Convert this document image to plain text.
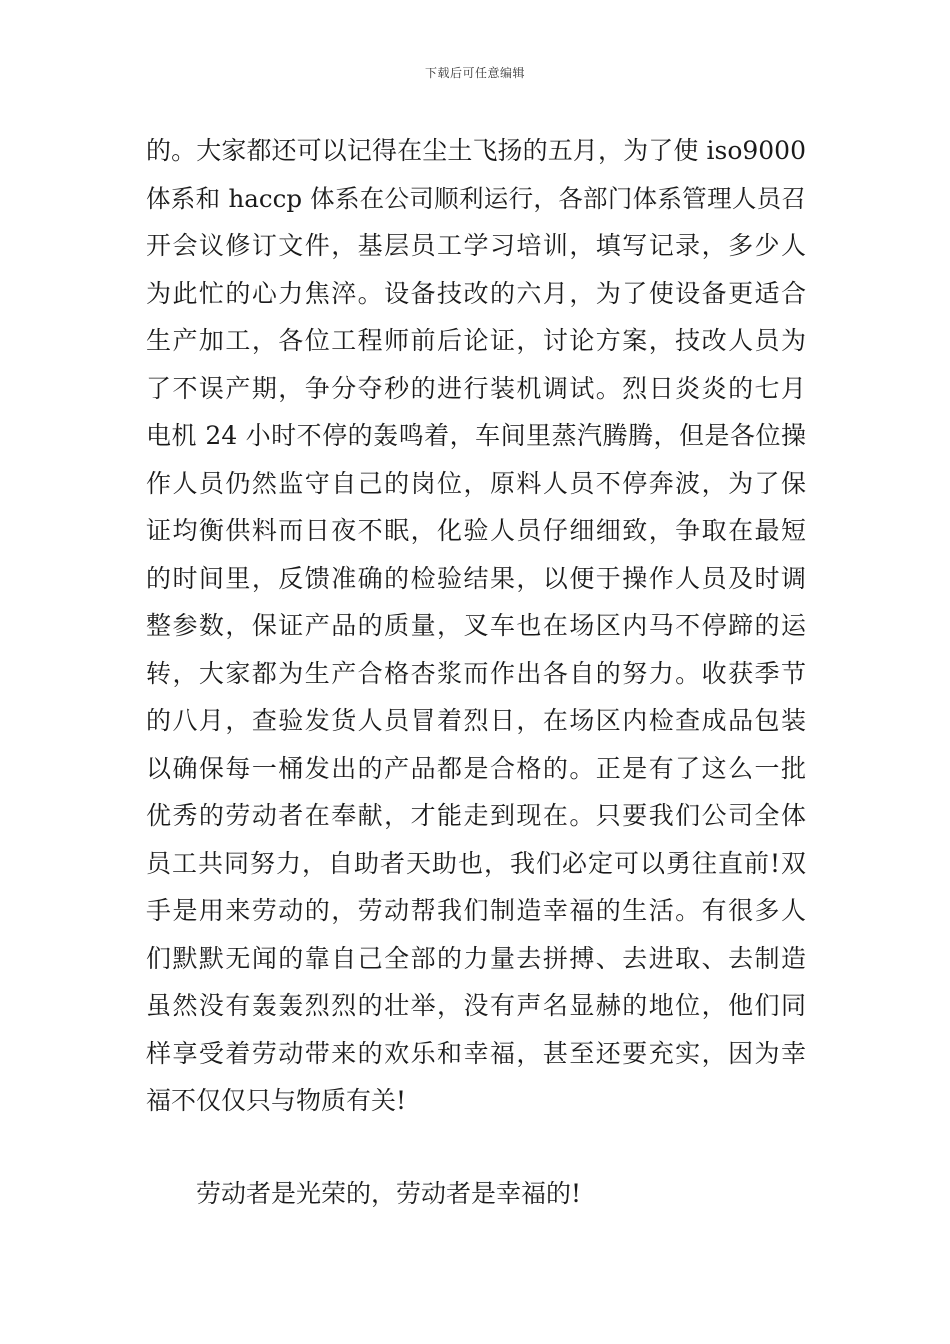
下载后可任意编辑
的。大家都还可以记得在尘土飞扬的五月，为了使 iso9000
体系和 haccp 体系在公司顺利运行，各部门体系管理人员召
开会议修订文件，基层员工学习培训，填写记录，多少人
为此忙的心力焦淬。设备技改的六月，为了使设备更适合
生产加工，各位工程师前后论证，讨论方案，技改人员为
了不误产期，争分夺秒的进行装机调试。烈日炎炎的七月
电机 24 小时不停的轰鸣着，车间里蒸汽腾腾，但是各位操
作人员仍然监守自己的岗位，原料人员不停奔波，为了保
证均衡供料而日夜不眠，化验人员仔细细致，争取在最短
的时间里，反馈准确的检验结果，以便于操作人员及时调
整参数，保证产品的质量，叉车也在场区内马不停蹄的运
转，大家都为生产合格杏浆而作出各自的努力。收获季节
的八月，查验发货人员冒着烈日，在场区内检查成品包装
以确保每一桶发出的产品都是合格的。正是有了这么一批
优秀的劳动者在奉献，才能走到现在。只要我们公司全体
员工共同努力，自助者天助也，我们必定可以勇往直前!双
手是用来劳动的，劳动帮我们制造幸福的生活。有很多人
们默默无闻的靠自己全部的力量去拼搏、去进取、去制造
虽然没有轰轰烈烈的壮举，没有声名显赫的地位，他们同
样享受着劳动带来的欢乐和幸福，甚至还要充实，因为幸
福不仅仅只与物质有关!
劳动者是光荣的，劳动者是幸福的!
